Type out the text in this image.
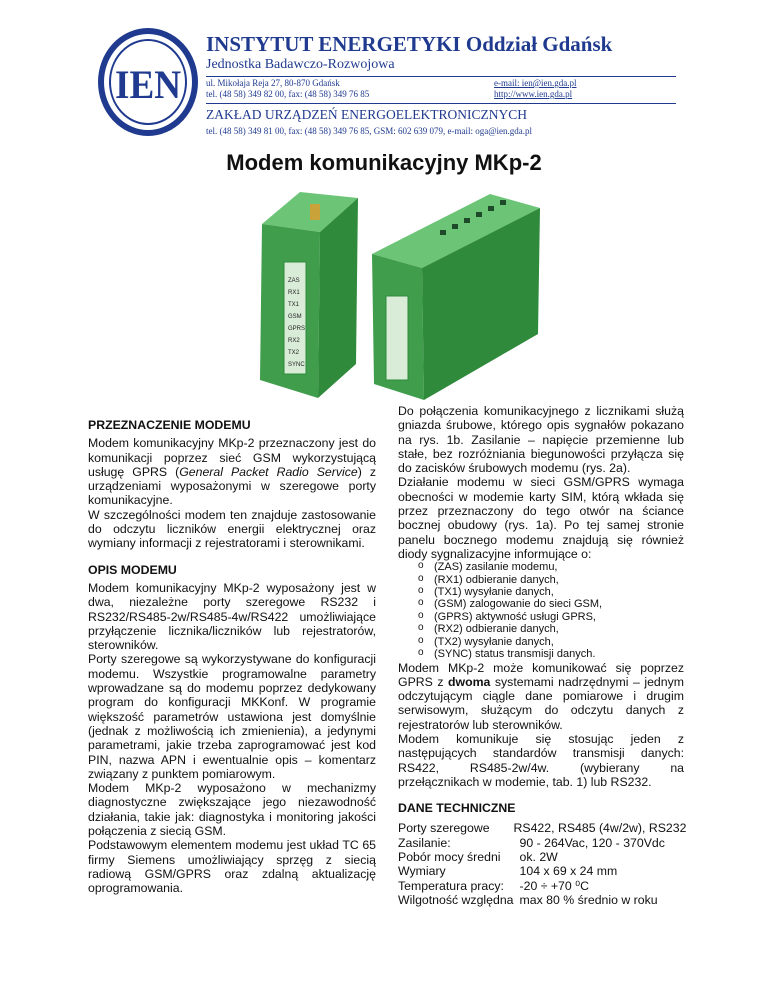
IEN
INSTYTUT ENERGETYKI Oddział Gdańsk
Jednostka Badawczo-Rozwojowa
ul. Mikołaja Reja 27, 80-870 Gdańsk
tel. (48 58) 349 82 00, fax: (48 58) 349 76 85
e-mail: ien@ien.gda.pl
http://www.ien.gda.pl
ZAKŁAD URZĄDZEŃ ENERGOELEKTRONICZNYCH
tel. (48 58) 349 81 00, fax: (48 58) 349 76 85, GSM: 602 639 079, e-mail: oga@ien.gda.pl
Modem komunikacyjny MKp-2
ZAS
RX1
TX1
GSM
GPRS
RX2
TX2
SYNC
PRZEZNACZENIE MODEMU

Modem komunikacyjny MKp-2 przeznaczony jest do komunikacji poprzez sieć GSM wykorzystującą usługę GPRS (General Packet Radio Service) z urządzeniami wyposażonymi w szeregowe porty komunikacyjne.

W szczególności modem ten znajduje zastosowanie do odczytu liczników energii elektrycznej oraz wymiany informacji z rejestratorami i sterownikami.

OPIS MODEMU

Modem komunikacyjny MKp-2 wyposażony jest w dwa, niezależne porty szeregowe RS232 i RS232/RS485-2w/RS485-4w/RS422 umożliwiające przyłączenie licznika/liczników lub rejestratorów, sterowników.

Porty szeregowe są wykorzystywane do konfiguracji modemu. Wszystkie programowalne parametry wprowadzane są do modemu poprzez dedykowany program do konfiguracji MKKonf. W programie większość parametrów ustawiona jest domyślnie (jednak z możliwością ich zmienienia), a jedynymi parametrami, jakie trzeba zaprogramować jest kod PIN, nazwa APN i ewentualnie opis – komentarz związany z punktem pomiarowym.

Modem MKp-2 wyposażono w mechanizmy diagnostyczne zwiększające jego niezawodność działania, takie jak: diagnostyka i monitoring jakości połączenia z siecią GSM.

Podstawowym elementem modemu jest układ TC 65 firmy Siemens umożliwiający sprzęg z siecią radiową GSM/GPRS oraz zdalną aktualizację oprogramowania.

Do połączenia komunikacyjnego z licznikami służą gniazda śrubowe, którego opis sygnałów pokazano na rys. 1b. Zasilanie – napięcie przemienne lub stałe, bez rozróżniania biegunowości przyłącza się do zacisków śrubowych modemu (rys. 2a).

Działanie modemu w sieci GSM/GPRS wymaga obecności w modemie karty SIM, którą wkłada się przez przeznaczony do tego otwór na ściance bocznej obudowy (rys. 1a). Po tej samej stronie panelu bocznego modemu znajdują się również diody sygnalizacyjne informujące o:

o (ZAS) zasilanie modemu,
o (RX1) odbieranie danych,
o (TX1) wysyłanie danych,
o (GSM) zalogowanie do sieci GSM,
o (GPRS) aktywność usługi GPRS,
o (RX2) odbieranie danych,
o (TX2) wysyłanie danych,
o (SYNC) status transmisji danych.

Modem MKp-2 może komunikować się poprzez GPRS z dwoma systemami nadrzędnymi – jednym odczytującym ciągle dane pomiarowe i drugim serwisowym, służącym do odczytu danych z rejestratorów lub sterowników.

Modem komunikuje się stosując jeden z następujących standardów transmisji danych: RS422, RS485-2w/4w. (wybierany na przełącznikach w modemie, tab. 1) lub RS232.

DANE TECHNICZNE
Porty szeregowe	RS422, RS485 (4w/2w), RS232
Zasilanie:	90 - 264Vac, 120 - 370Vdc
Pobór mocy średni	ok. 2W
Wymiary	104 x 69 x 24 mm
Temperatura pracy:	-20 ÷ +70 ⁰C
Wilgotność względna	max 80 % średnio w roku
